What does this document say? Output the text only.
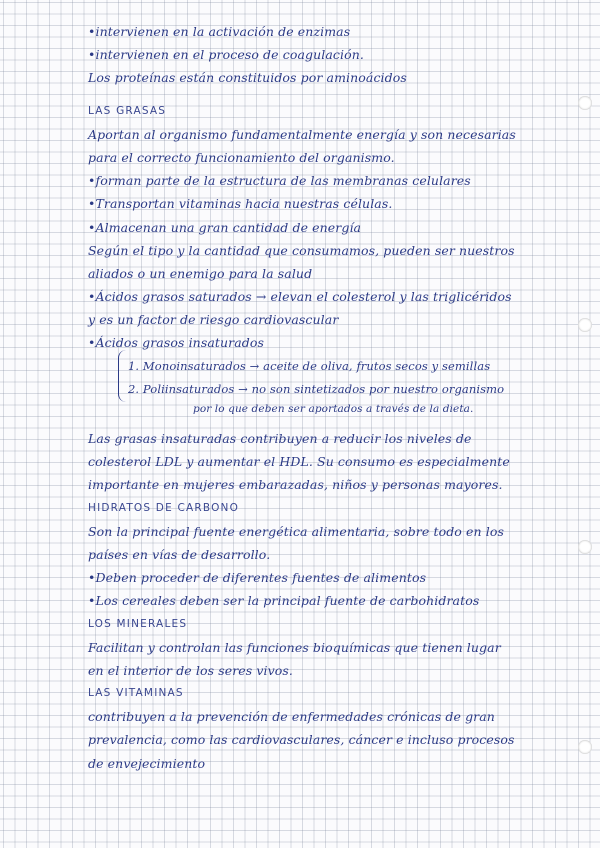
•intervienen en la activación de enzimas
•intervienen en el proceso de coagulación.
Los proteínas están constituidos por aminoácidos
LAS GRASAS
Aportan al organismo fundamentalmente energía y son necesarias
para el correcto funcionamiento del organismo.
•forman parte de la estructura de las membranas celulares
•Transportan vitaminas hacia nuestras células.
•Almacenan una gran cantidad de energía
Según el tipo y la cantidad que consumamos, pueden ser nuestros
aliados o un enemigo para la salud
•Ácidos grasos saturados → elevan el colesterol y las triglicéridos
y es un factor de riesgo cardiovascular
•Ácidos grasos insaturados
1. Monoinsaturados → aceite de oliva, frutos secos y semillas
2. Poliinsaturados → no son sintetizados por nuestro organismo
por lo que deben ser aportados a través de la dieta.
Las grasas insaturadas contribuyen a reducir los niveles de
colesterol LDL y aumentar el HDL. Su consumo es especialmente
importante en mujeres embarazadas, niños y personas mayores.
HIDRATOS DE CARBONO
Son la principal fuente energética alimentaria, sobre todo en los
países en vías de desarrollo.
•Deben proceder de diferentes fuentes de alimentos
•Los cereales deben ser la principal fuente de carbohidratos
LOS MINERALES
Facilitan y controlan las funciones bioquímicas que tienen lugar
en el interior de los seres vivos.
LAS VITAMINAS
contribuyen a la prevención de enfermedades crónicas de gran
prevalencia, como las cardiovasculares, cáncer e incluso procesos
de envejecimiento
